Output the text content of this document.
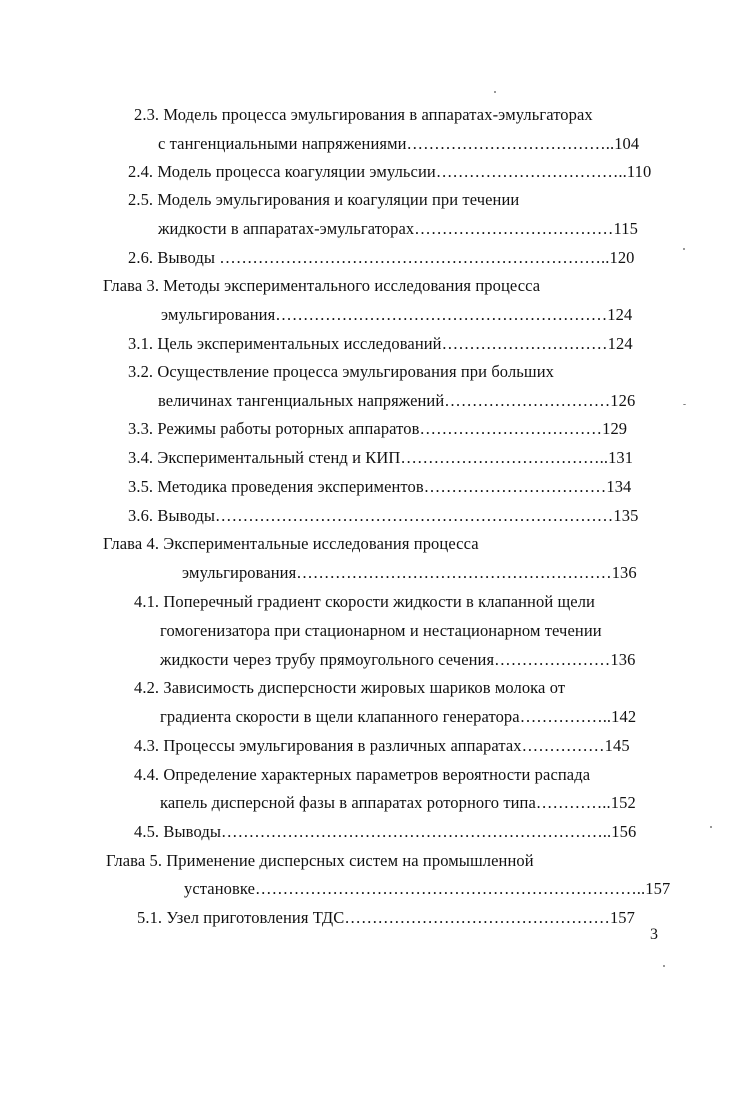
2.3. Модель процесса эмульгирования в аппаратах-эмульгаторах
с тангенциальными напряжениями………………………………..104
2.4. Модель процесса коагуляции эмульсии……………………………..110
2.5. Модель эмульгирования и коагуляции при течении
жидкости в аппаратах-эмульгаторах………………………………115
2.6. Выводы ……………………………………………………………..120
Глава 3. Методы экспериментального исследования процесса
эмульгирования……………………………………………………124
3.1. Цель экспериментальных исследований…………………………124
3.2. Осуществление процесса эмульгирования при больших
величинах тангенциальных напряжений…………………………126
3.3. Режимы работы роторных аппаратов……………………………129
3.4. Экспериментальный стенд и КИП………………………………..131
3.5. Методика проведения экспериментов……………………………134
3.6. Выводы………………………………………………………………135
Глава 4. Экспериментальные исследования процесса
эмульгирования…………………………………………………136
4.1. Поперечный градиент скорости жидкости в клапанной щели
гомогенизатора при стационарном и нестационарном течении
жидкости через трубу прямоугольного сечения…………………136
4.2. Зависимость дисперсности жировых шариков молока от
градиента скорости в щели клапанного генератора……………..142
4.3. Процессы эмульгирования в различных аппаратах……………145
4.4. Определение характерных параметров вероятности распада
капель дисперсной фазы в аппаратах роторного типа…………..152
4.5. Выводы……………………………………………………………..156
Глава 5. Применение дисперсных систем на промышленной
установке……………………………………………………………..157
5.1. Узел приготовления ТДС…………………………………………157
3
